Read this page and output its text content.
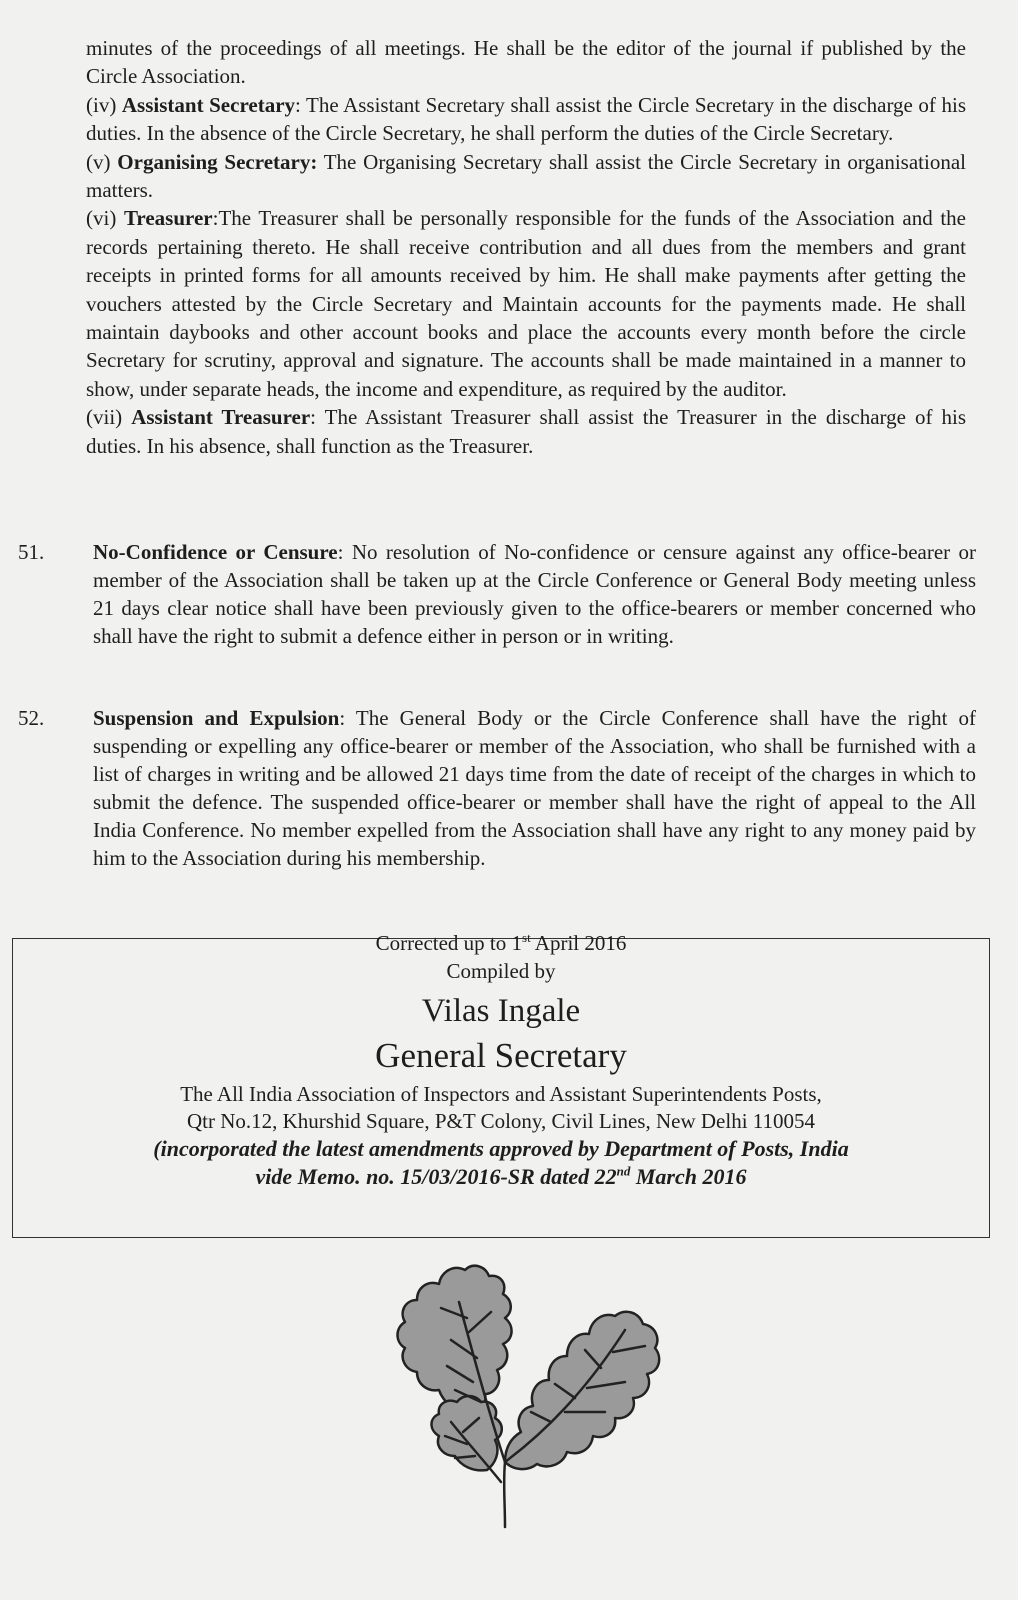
minutes of the proceedings of all meetings. He shall be the editor of the journal if published by the Circle Association.

(iv) Assistant Secretary: The Assistant Secretary shall assist the Circle Secretary in the discharge of his duties. In the absence of the Circle Secretary, he shall perform the duties of the Circle Secretary.

(v) Organising Secretary: The Organising Secretary shall assist the Circle Secretary in organisational matters.

(vi) Treasurer:The Treasurer shall be personally responsible for the funds of the Association and the records pertaining thereto. He shall receive contribution and all dues from the members and grant receipts in printed forms for all amounts received by him. He shall make payments after getting the vouchers attested by the Circle Secretary and Maintain accounts for the payments made. He shall maintain daybooks and other account books and place the accounts every month before the circle Secretary for scrutiny, approval and signature. The accounts shall be made maintained in a manner to show, under separate heads, the income and expenditure, as required by the auditor.

(vii) Assistant Treasurer: The Assistant Treasurer shall assist the Treasurer in the discharge of his duties. In his absence, shall function as the Treasurer.

51.	No-Confidence or Censure: No resolution of No-confidence or censure against any office-bearer or member of the Association shall be taken up at the Circle Conference or General Body meeting unless 21 days clear notice shall have been previously given to the office-bearers or member concerned who shall have the right to submit a defence either in person or in writing.
52.	Suspension and Expulsion: The General Body or the Circle Conference shall have the right of suspending or expelling any office-bearer or member of the Association, who shall be furnished with a list of charges in writing and be allowed 21 days time from the date of receipt of the charges in which to submit the defence. The suspended office-bearer or member shall have the right of appeal to the All India Conference. No member expelled from the Association shall have any right to any money paid by him to the Association during his membership.
Corrected up to 1st April 2016
Compiled by
Vilas Ingale
General Secretary
The All India Association of Inspectors and Assistant Superintendents Posts,
Qtr No.12, Khurshid Square, P&T Colony, Civil Lines, New Delhi 110054
(incorporated the latest amendments approved by Department of Posts, India
vide Memo. no. 15/03/2016-SR dated 22nd March 2016
